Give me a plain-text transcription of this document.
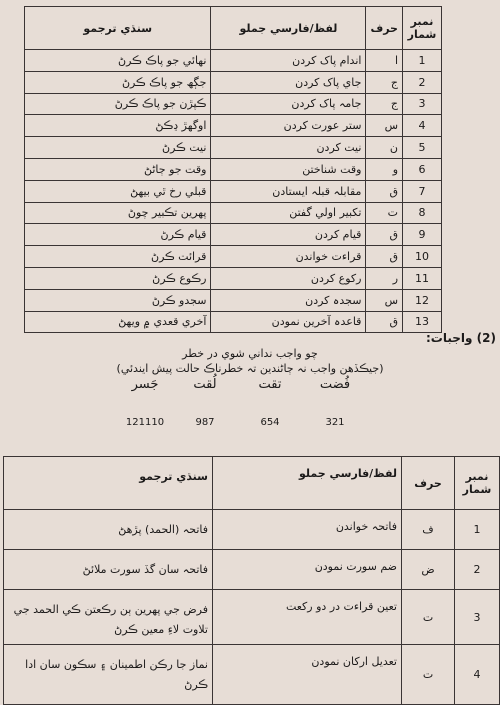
نمبر شمار	حرف	لفظ/فارسي جملو	سنڌي ترجمو
1	ا	اندام پاک کردن	نهائي جو پاڪ ڪرڻ
2	ج	جاي پاک کردن	جڳھ جو پاڪ ڪرڻ
3	ج	جامہ پاک کردن	ڪپڙن جو پاڪ ڪرڻ
4	س	ستر عورت کردن	اوگھڙ ڍڪڻ
5	ن	نيت کردن	نيت ڪرڻ
6	و	وقت شناختن	وقت جو ڄاڻڻ
7	ق	مقابلہ قبلہ ايستادن	قبلي رخ ٿي بيهڻ
8	ت	تکبير اولي گفتن	پهرين تڪبير چوڻ
9	ق	قيام کردن	قيام ڪرڻ
10	ق	قراءت خواندن	قرائت ڪرڻ
11	ر	رکوع کردن	رڪوع ڪرڻ
12	س	سجدہ کردن	سجدو ڪرڻ
13	ق	قاعدہ آخرين نمودن	آخري قعدي ۾ ويهڻ
(2) واجبات:
چو واجب نداني شوي در خطر
(جيڪڏهن واجب نہ ڄاڻندين تہ خطرناڪ حالت پيش ايندئي)
فُضت
321
تقت
654
لُقت
987
جَسر
121110
نمبر شمار	حرف	لفظ/فارسي جملو	سنڌي ترجمو
1	ف	فاتحہ خواندن	فاتحہ (الحمد) پڙهڻ
2	ض	ضم سورت نمودن	فاتحہ سان گڏ سورت ملائڻ
3	ت	تعين قراءت در دو رکعت	فرض جي پهرين ٻن رڪعتن ڪي الحمد جي تلاوت لاءِ معين ڪرڻ
4	ت	تعديل ارکان نمودن	نماز جا رڪن اطمينان ۽ سڪون سان ادا ڪرڻ
